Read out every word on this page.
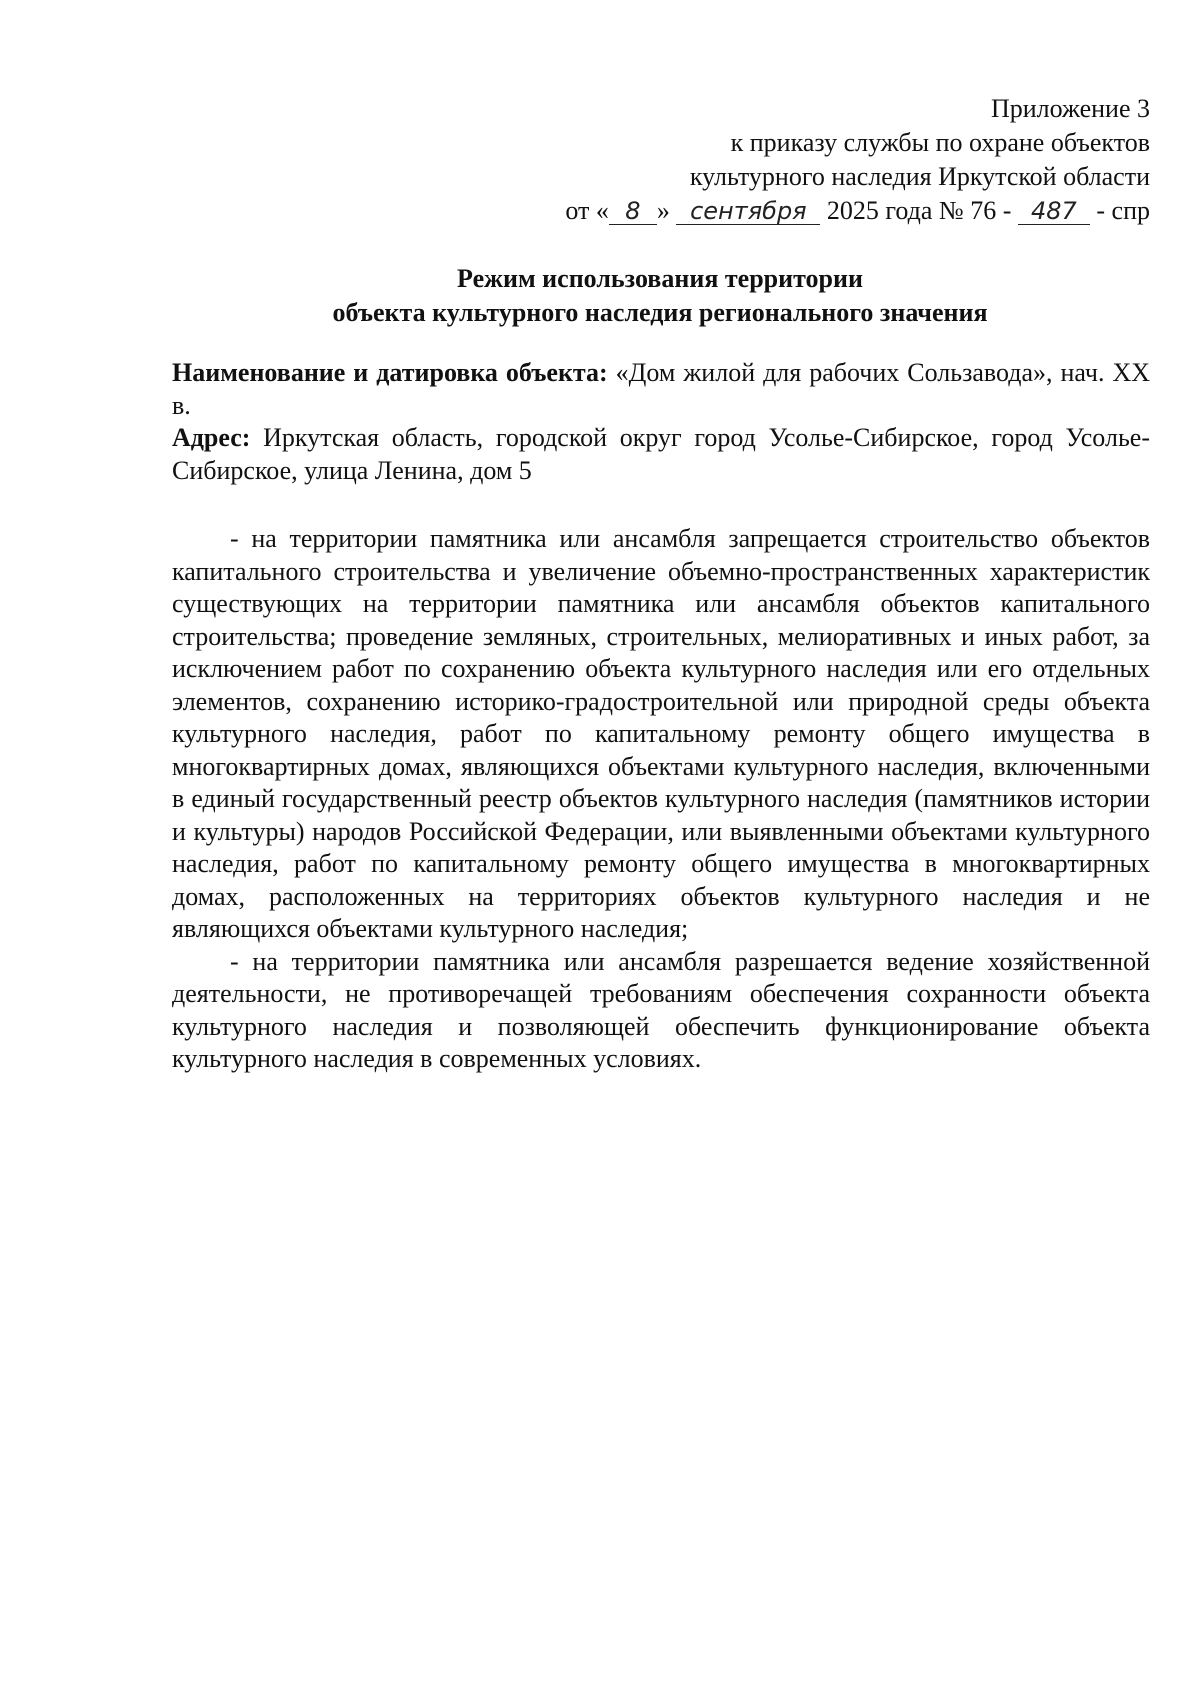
Приложение 3
к приказу службы по охране объектов
культурного наследия Иркутской области
от « 8 » сентября 2025 года № 76 - 487 - спр
Режим использования территории
объекта культурного наследия регионального значения

Наименование и датировка объекта: «Дом жилой для рабочих Сользавода», нач. XX в.

Адрес: Иркутская область, городской округ город Усолье-Сибирское, город Усолье-Сибирское, улица Ленина, дом 5

- на территории памятника или ансамбля запрещается строительство объектов капитального строительства и увеличение объемно-пространственных характеристик существующих на территории памятника или ансамбля объектов капитального строительства; проведение земляных, строительных, мелиоративных и иных работ, за исключением работ по сохранению объекта культурного наследия или его отдельных элементов, сохранению историко-градостроительной или природной среды объекта культурного наследия, работ по капитальному ремонту общего имущества в многоквартирных домах, являющихся объектами культурного наследия, включенными в единый государственный реестр объектов культурного наследия (памятников истории и культуры) народов Российской Федерации, или выявленными объектами культурного наследия, работ по капитальному ремонту общего имущества в многоквартирных домах, расположенных на территориях объектов культурного наследия и не являющихся объектами культурного наследия;

- на территории памятника или ансамбля разрешается ведение хозяйственной деятельности, не противоречащей требованиям обеспечения сохранности объекта культурного наследия и позволяющей обеспечить функционирование объекта культурного наследия в современных условиях.
